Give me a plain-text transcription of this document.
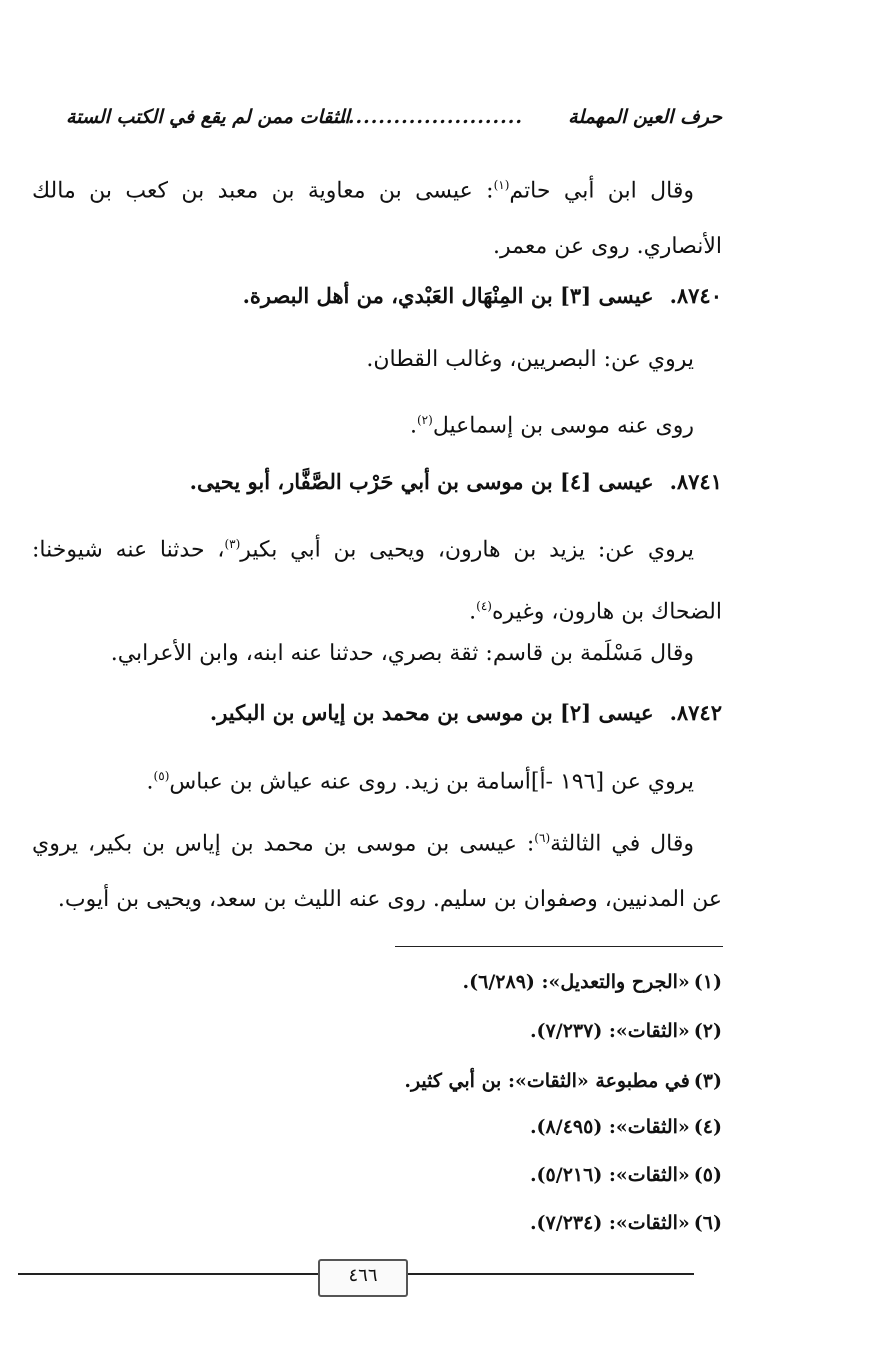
حرف العين المهملة
..........................
الثقات ممن لم يقع في الكتب الستة
وقال ابن أبي حاتم$^{(١)}$: عيسى بن معاوية بن معبد بن كعب بن مالك الأنصاري. روى عن معمر.
٨٧٤٠.عيسى [٣] بن المِنْهَال العَبْدي، من أهل البصرة.
يروي عن: البصريين، وغالب القطان.
روى عنه موسى بن إسماعيل$^{(٢)}$.
٨٧٤١.عيسى [٤] بن موسى بن أبي حَرْب الصَّفَّار، أبو يحيى.
يروي عن: يزيد بن هارون، ويحيى بن أبي بكير$^{(٣)}$، حدثنا عنه شيوخنا: الضحاك بن هارون، وغيره$^{(٤)}$.
وقال مَسْلَمة بن قاسم: ثقة بصري، حدثنا عنه ابنه، وابن الأعرابي.
٨٧٤٢.عيسى [٢] بن موسى بن محمد بن إياس بن البكير.
يروي عن [١٩٦ -أ]أسامة بن زيد. روى عنه عياش بن عباس$^{(٥)}$.
وقال في الثالثة$^{(٦)}$: عيسى بن موسى بن محمد بن إياس بن بكير، يروي عن المدنيين، وصفوان بن سليم. روى عنه الليث بن سعد، ويحيى بن أيوب.
(١)«الجرح والتعديل»: (٦/٢٨٩).
(٢)«الثقات»: (٧/٢٣٧).
(٣)في مطبوعة «الثقات»: بن أبي كثير.
(٤)«الثقات»: (٨/٤٩٥).
(٥)«الثقات»: (٥/٢١٦).
(٦)«الثقات»: (٧/٢٣٤).
٤٦٦
